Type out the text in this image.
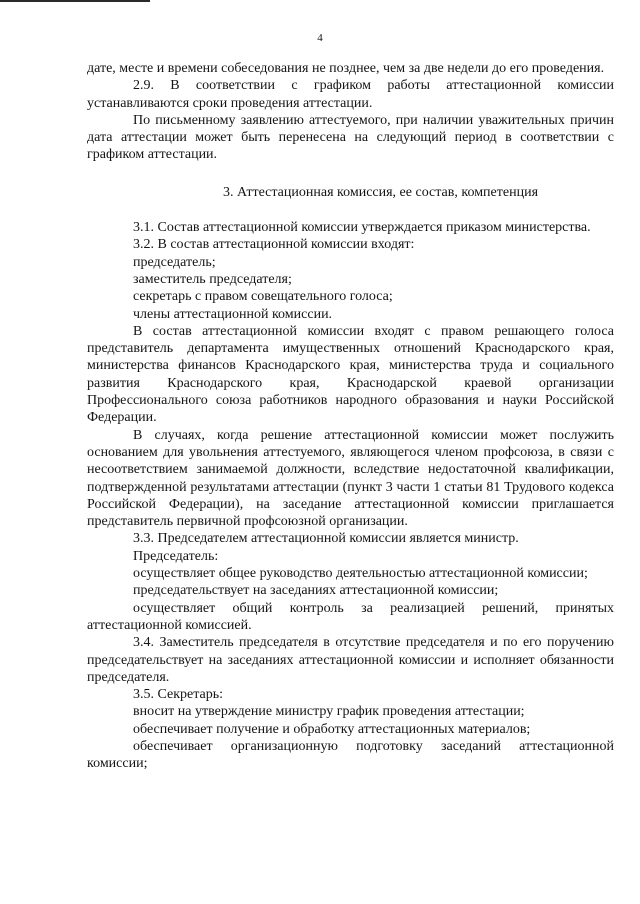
4

дате, месте и времени собеседования не позднее, чем за две недели до его проведения.

2.9. В соответствии с графиком работы аттестационной комиссии устанавливаются сроки проведения аттестации.

По письменному заявлению аттестуемого, при наличии уважительных причин дата аттестации может быть перенесена на следующий период в соответствии с графиком аттестации.

3. Аттестационная комиссия, ее состав, компетенция

3.1. Состав аттестационной комиссии утверждается приказом министерства.

3.2. В состав аттестационной комиссии входят:

председатель;

заместитель председателя;

секретарь с правом совещательного голоса;

члены аттестационной комиссии.

В состав аттестационной комиссии входят с правом решающего голоса представитель департамента имущественных отношений Краснодарского края, министерства финансов Краснодарского края, министерства труда и социального развития Краснодарского края, Краснодарской краевой организации Профессионального союза работников народного образования и науки Российской Федерации.

В случаях, когда решение аттестационной комиссии может послужить основанием для увольнения аттестуемого, являющегося членом профсоюза, в связи с несоответствием занимаемой должности, вследствие недостаточной квалификации, подтвержденной результатами аттестации (пункт 3 части 1 статьи 81 Трудового кодекса Российской Федерации), на заседание аттестационной комиссии приглашается представитель первичной профсоюзной организации.

3.3. Председателем аттестационной комиссии является министр.

Председатель:

осуществляет общее руководство деятельностью аттестационной комиссии;

председательствует на заседаниях аттестационной комиссии;

осуществляет общий контроль за реализацией решений, принятых аттестационной комиссией.

3.4. Заместитель председателя в отсутствие председателя и по его поручению председательствует на заседаниях аттестационной комиссии и исполняет обязанности председателя.

3.5. Секретарь:

вносит на утверждение министру график проведения аттестации;

обеспечивает получение и обработку аттестационных материалов;

обеспечивает организационную подготовку заседаний аттестационной комиссии;
